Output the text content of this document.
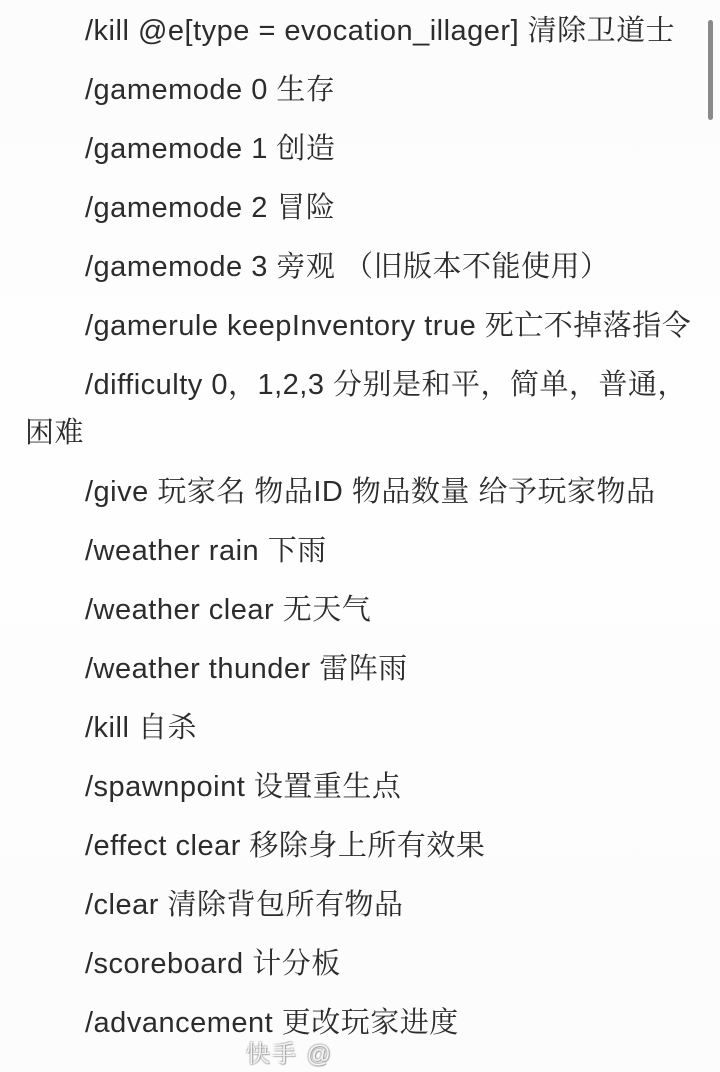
/kill @e[type = evocation_illager] 清除卫道士

/gamemode 0 生存

/gamemode 1 创造

/gamemode 2 冒险

/gamemode 3 旁观 （旧版本不能使用）

/gamerule keepInventory true 死亡不掉落指令

/difficulty 0，1,2,3 分别是和平，简单，普通，
困难

/give 玩家名 物品ID 物品数量 给予玩家物品

/weather rain 下雨

/weather clear 无天气

/weather thunder 雷阵雨

/kill 自杀

/spawnpoint 设置重生点

/effect clear 移除身上所有效果

/clear 清除背包所有物品

/scoreboard 计分板

/advancement 更改玩家进度

快手 @
